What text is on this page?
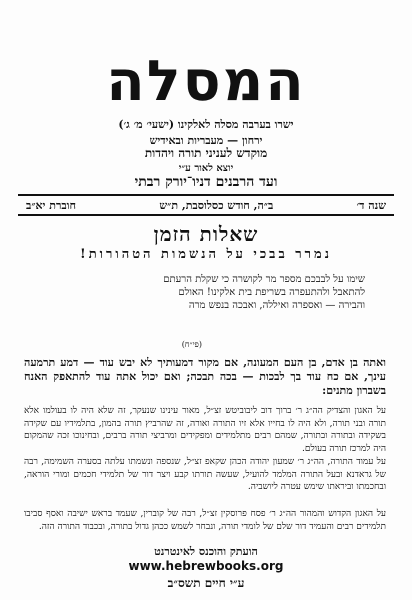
המסלה
ישרו בערבה מסלה לאלקינו (ישעי׳ מ׳ ג׳)
ירחון — מעבריות ובאידיש
מוקדש לעניני תורה ויהדות
יוצא לאור ע״י
ועד הרבנים דניו־יורק רבתי
שנה ד׳
ב״ה, חודש כסלוסבת, ת״ש
חוברת יא״ב
שאלות הזמן
נמרר בבכי על הנשמות הטהורות!
שימו על לבבכם מספר מר לקושרה כי שקלת הרעתם להתאבל ולהתעפרה בשריפת בית אלקינו! האולם והבירה — ואספרה ואיללה, ואבכה בנפש מרה
(פי״ח)
ואתה בן אדם, בן העם המעונה, אם מקור דמעותיך לא יבש עוד — דמע תרמעה עינך, אם כח עוד בך לבכות — בכה תבכה; ואם יכול אתה עוד להתאפק האנח בשברון מתנים:
על האגון והצדיק הה״ג ר׳ ברוך דוב ליבוביטש זצ״ל, מאור עינינו שנעקר, זה שלא היה לו בעולמו אלא תורה ובני תורה, ולא היה לו בחייו אלא זיו התורה ואורה, זה שהרביץ תורה בהמון, בתלמידיו עם שקידה בשקידה ובתורה ובתורה, שמהם רבים מתלמידים ומפקידים ומרביצי תורה ברבים, ובחינוכו זכה שהמקום היה למרכז תורה בעולם.
על עמוד התורה, הה״ג ר׳ שמעון יהודה הכהן שקאפ זצ״ל, שנספה ונשמתו עלתה בסערה השמימה, רבה של גראדנא ובעל התורה המלמד להועיל, שעשה תורתו קבע ויצר דור של תלמידי חכמים ומורי הוראה, ובחכמתו וביראתו שימש עטרה ליושביה.
על האגון הקדוש והמהור הה״ג ר׳ פסח פרוסקין זצ״ל, רבה של קוברין, שעמד בראש ישיבה ואסף סביבו תלמידים רבים והעמיד דור שלם של לומדי תורה, ונבחר לשמש ככהן גדול בתורה, ובכבוד התורה הזה.
הועתק והוכנס לאינטרנט
www.hebrewbooks.org
ע״י חיים תשס״ב
